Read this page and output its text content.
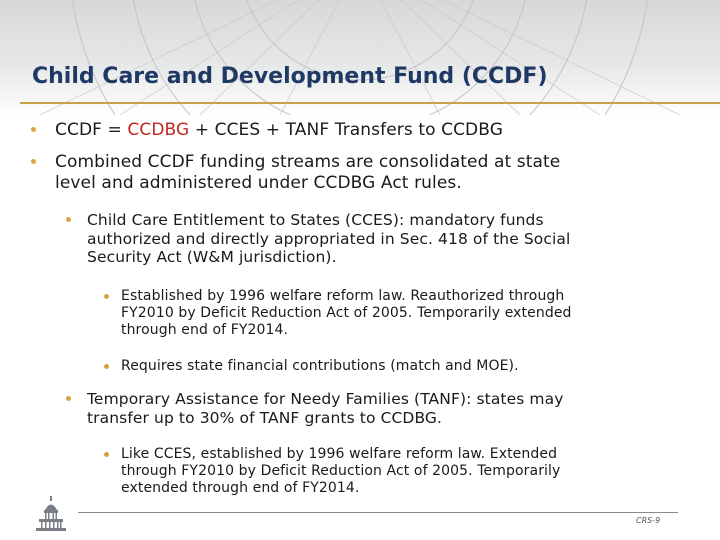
Child Care and Development Fund (CCDF)
CCDF = CCDBG + CCES + TANF Transfers to CCDBG
Combined CCDF funding streams are consolidated at state
level and administered under CCDBG Act rules.
Child Care Entitlement to States (CCES): mandatory funds
authorized and directly appropriated in Sec. 418 of the Social
Security Act (W&M jurisdiction).
Established by 1996 welfare reform law. Reauthorized through
FY2010 by Deficit Reduction Act of 2005. Temporarily extended
through end of FY2014.
Requires state financial contributions (match and MOE).
Temporary Assistance for Needy Families (TANF): states may
transfer up to 30% of TANF grants to CCDBG.
Like CCES, established by 1996 welfare reform law. Extended
through FY2010 by Deficit Reduction Act of 2005. Temporarily
extended through end of FY2014.
CRS-9
